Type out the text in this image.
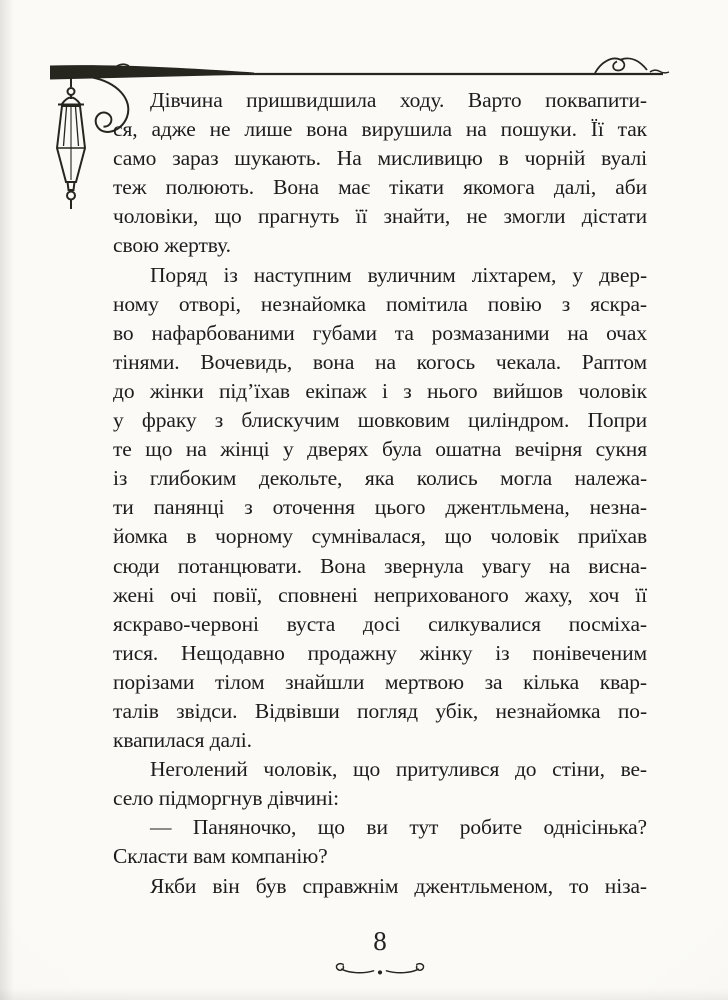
Дівчина пришвидшила ходу. Варто поквапити-
ся, адже не лише вона вирушила на пошуки. Її так
само зараз шукають. На мисливицю в чорній вуалі
теж полюють. Вона має тікати якомога далі, аби
чоловіки, що прагнуть її знайти, не змогли дістати
свою жертву.
Поряд із наступним вуличним ліхтарем, у двер-
ному отворі, незнайомка помітила повію з яскра-
во нафарбованими губами та розмазаними на очах
тінями. Вочевидь, вона на когось чекала. Раптом
до жінки під’їхав екіпаж і з нього вийшов чоловік
у фраку з блискучим шовковим циліндром. Попри
те що на жінці у дверях була ошатна вечірня сукня
із глибоким декольте, яка колись могла належа-
ти панянці з оточення цього джентльмена, незна-
йомка в чорному сумнівалася, що чоловік приїхав
сюди потанцювати. Вона звернула увагу на висна-
жені очі повії, сповнені неприхованого жаху, хоч її
яскраво-червоні вуста досі силкувалися посміха-
тися. Нещодавно продажну жінку із понівеченим
порізами тілом знайшли мертвою за кілька квар-
талів звідси. Відвівши погляд убік, незнайомка по-
квапилася далі.
Неголений чоловік, що притулився до стіни, ве-
село підморгнув дівчині:
— Паняночко, що ви тут робите однісінька?
Скласти вам компанію?
Якби він був справжнім джентльменом, то ніза-
8
